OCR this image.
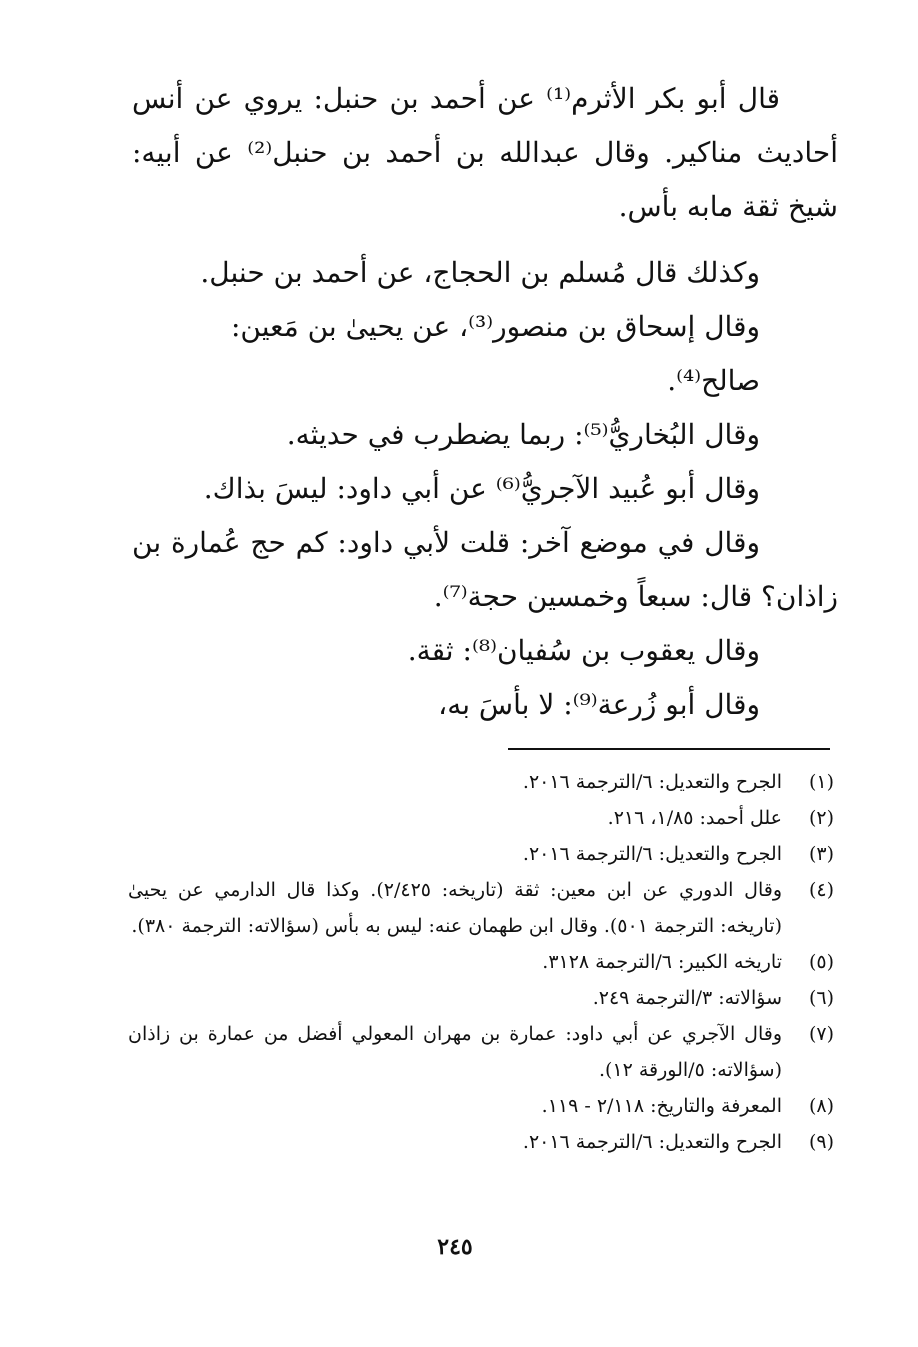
قال أبو بكر الأثرم⁽¹⁾ عن أحمد بن حنبل: يروي عن أنس أحاديث مناكير. وقال عبدالله بن أحمد بن حنبل⁽²⁾ عن أبيه: شيخ ثقة مابه بأس.

وكذلك قال مُسلم بن الحجاج، عن أحمد بن حنبل.

وقال إسحاق بن منصور⁽³⁾، عن يحيىٰ بن مَعين: صالح⁽⁴⁾.

وقال البُخاريُّ⁽⁵⁾: ربما يضطرب في حديثه.

وقال أبو عُبيد الآجريُّ⁽⁶⁾ عن أبي داود: ليسَ بذاك.

وقال في موضع آخر: قلت لأبي داود: كم حج عُمارة بن زاذان؟ قال: سبعاً وخمسين حجة⁽⁷⁾.

وقال يعقوب بن سُفيان⁽⁸⁾: ثقة.

وقال أبو زُرعة⁽⁹⁾: لا بأسَ به،

(١)
الجرح والتعديل: ٦/الترجمة ٢٠١٦.
(٢)
علل أحمد: ١/٨٥، ٢١٦.
(٣)
الجرح والتعديل: ٦/الترجمة ٢٠١٦.
(٤)
وقال الدوري عن ابن معين: ثقة (تاريخه: ٢/٤٢٥). وكذا قال الدارمي عن يحيىٰ (تاريخه: الترجمة ٥٠١). وقال ابن طهمان عنه: ليس به بأس (سؤالاته: الترجمة ٣٨٠).
(٥)
تاريخه الكبير: ٦/الترجمة ٣١٢٨.
(٦)
سؤالاته: ٣/الترجمة ٢٤٩.
(٧)
وقال الآجري عن أبي داود: عمارة بن مهران المعولي أفضل من عمارة بن زاذان (سؤالاته: ٥/الورقة ١٢).
(٨)
المعرفة والتاريخ: ٢/١١٨ - ١١٩.
(٩)
الجرح والتعديل: ٦/الترجمة ٢٠١٦.
٢٤٥
